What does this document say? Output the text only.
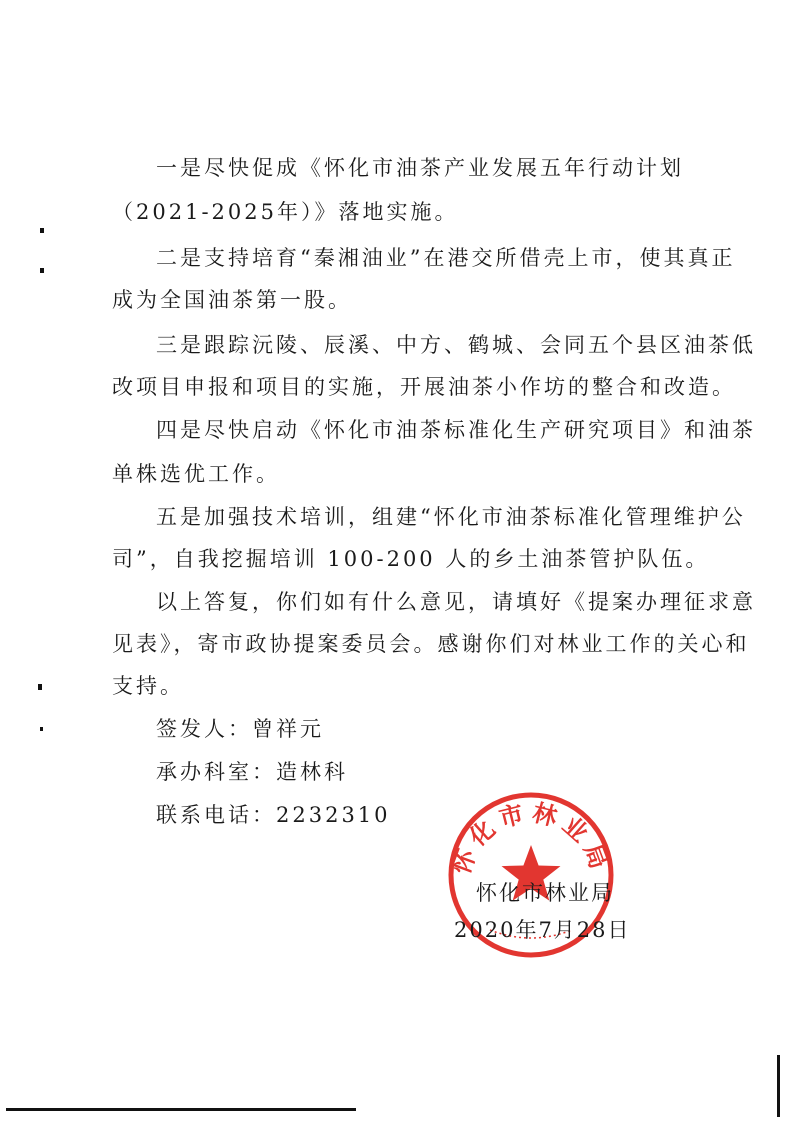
一是尽快促成《怀化市油茶产业发展五年行动计划
（2021-2025年）》落地实施。
二是支持培育“秦湘油业”在港交所借壳上市，使其真正
成为全国油茶第一股。
三是跟踪沅陵、辰溪、中方、鹤城、会同五个县区油茶低
改项目申报和项目的实施，开展油茶小作坊的整合和改造。
四是尽快启动《怀化市油茶标准化生产研究项目》和油茶
单株选优工作。
五是加强技术培训，组建“怀化市油茶标准化管理维护公
司”，自我挖掘培训 100-200 人的乡土油茶管护队伍。
以上答复，你们如有什么意见，请填好《提案办理征求意
见表》，寄市政协提案委员会。感谢你们对林业工作的关心和
支持。
签发人：曾祥元
承办科室：造林科
联系电话：2232310
怀化市林业局
怀化市林业局
2020年7月28日
